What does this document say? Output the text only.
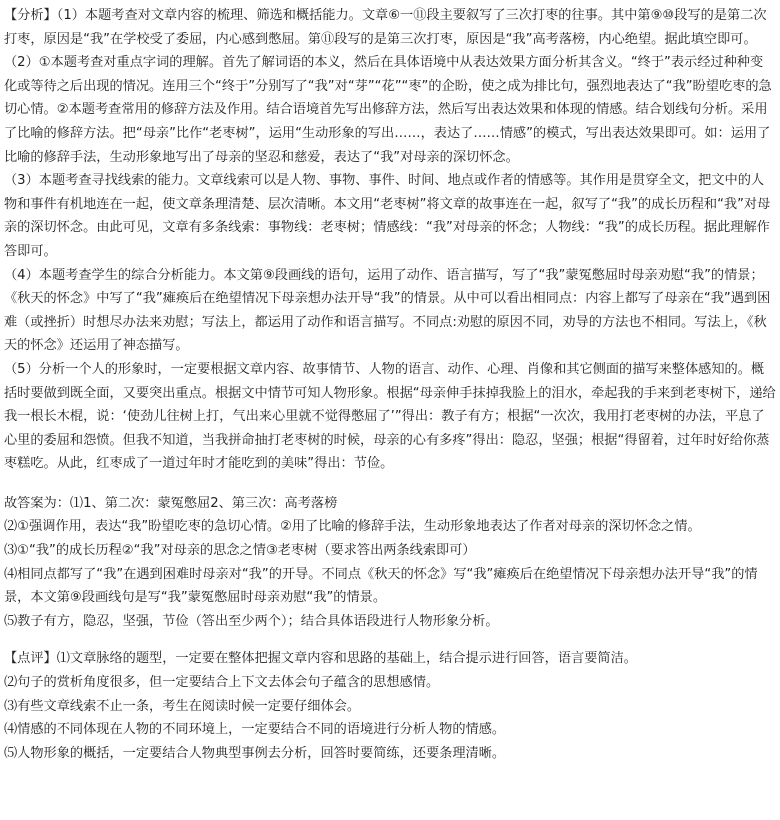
【分析】（1）本题考查对文章内容的梳理、筛选和概括能力。文章⑥一⑪段主要叙写了三次打枣的往事。其中第⑨⑩段写的是第二次打枣，原因是“我”在学校受了委屈，内心感到憋屈。第⑪段写的是第三次打枣，原因是“我”高考落榜，内心绝望。据此填空即可。

（2）①本题考查对重点字词的理解。首先了解词语的本义，然后在具体语境中从表达效果方面分析其含义。“终于”表示经过种种变化或等待之后出现的情况。连用三个“终于”分别写了“我”对“芽”“花”“枣”的企盼，使之成为排比句，强烈地表达了“我”盼望吃枣的急切心情。②本题考查常用的修辞方法及作用。结合语境首先写出修辞方法，然后写出表达效果和体现的情感。结合划线句分析。采用了比喻的修辞方法。把“母亲”比作“老枣树”，运用“生动形象的写出……，表达了……情感”的模式，写出表达效果即可。如：运用了比喻的修辞手法，生动形象地写出了母亲的坚忍和慈爱，表达了“我”对母亲的深切怀念。

（3）本题考查寻找线索的能力。文章线索可以是人物、事物、事件、时间、地点或作者的情感等。其作用是贯穿全文，把文中的人物和事件有机地连在一起，使文章条理清楚、层次清晰。本文用“老枣树”将文章的故事连在一起，叙写了“我”的成长历程和“我”对母亲的深切怀念。由此可见，文章有多条线索：事物线：老枣树；情感线：“我”对母亲的怀念；人物线：“我”的成长历程。据此理解作答即可。

（4）本题考查学生的综合分析能力。本文第⑨段画线的语句，运用了动作、语言描写，写了“我”蒙冤憋屈时母亲劝慰“我”的情景；《秋天的怀念》中写了“我”瘫痪后在绝望情况下母亲想办法开导“我”的情景。从中可以看出相同点：内容上都写了母亲在“我”遇到困难（或挫折）时想尽办法来劝慰；写法上，都运用了动作和语言描写。不同点:劝慰的原因不同，劝导的方法也不相同。写法上，《秋天的怀念》还运用了神态描写。

（5）分析一个人的形象时，一定要根据文章内容、故事情节、人物的语言、动作、心理、肖像和其它侧面的描写来整体感知的。概括时要做到既全面，又要突出重点。根据文中情节可知人物形象。根据“母亲伸手抹掉我脸上的泪水，牵起我的手来到老枣树下，递给我一根长木棍，说：‘使劲儿往树上打，气出来心里就不觉得憋屈了’”得出：教子有方；根据“一次次，我用打老枣树的办法，平息了心里的委屈和怨愤。但我不知道，当我拼命抽打老枣树的时候，母亲的心有多疼”得出：隐忍，坚强；根据“得留着，过年时好给你蒸枣糕吃。从此，红枣成了一道过年时才能吃到的美味”得出：节俭。

故答案为：⑴1、第二次：蒙冤憋屈2、第三次：高考落榜

⑵①强调作用，表达“我”盼望吃枣的急切心情。②用了比喻的修辞手法，生动形象地表达了作者对母亲的深切怀念之情。

⑶①“我”的成长历程②“我”对母亲的思念之情③老枣树（要求答出两条线索即可）

⑷相同点都写了“我”在遇到困难时母亲对“我”的开导。不同点《秋天的怀念》写“我”瘫痪后在绝望情况下母亲想办法开导“我”的情景，本文第⑨段画线句是写“我”蒙冤憋屈时母亲劝慰“我”的情景。

⑸教子有方，隐忍，坚强，节俭（答出至少两个）；结合具体语段进行人物形象分析。

【点评】⑴文章脉络的题型，一定要在整体把握文章内容和思路的基础上，结合提示进行回答，语言要简洁。

⑵句子的赏析角度很多，但一定要结合上下文去体会句子蕴含的思想感情。

⑶有些文章线索不止一条，考生在阅读时候一定要仔细体会。

⑷情感的不同体现在人物的不同环境上，一定要结合不同的语境进行分析人物的情感。

⑸人物形象的概括，一定要结合人物典型事例去分析，回答时要简练，还要条理清晰。
